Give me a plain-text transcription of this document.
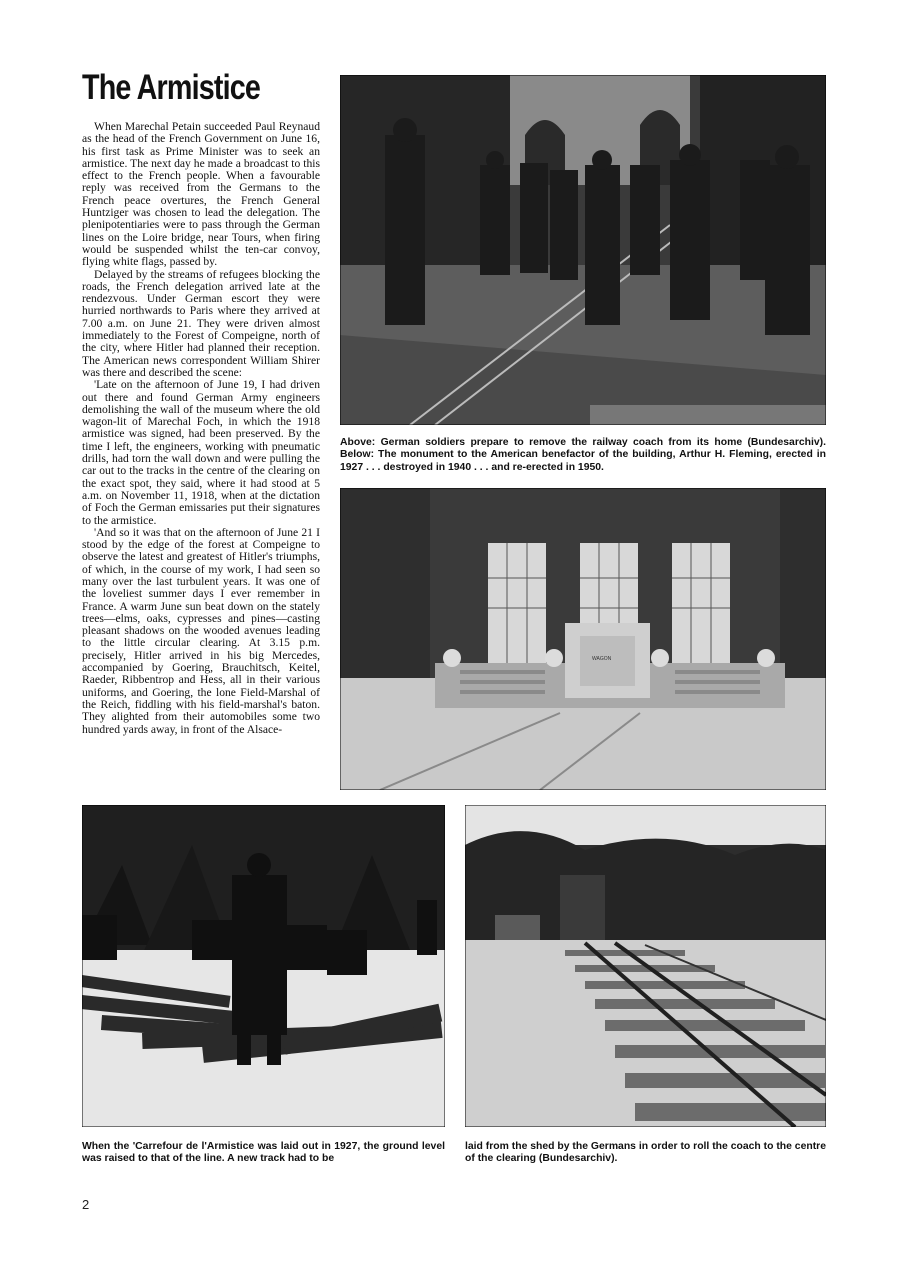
The Armistice

When Marechal Petain succeeded Paul Reynaud as the head of the French Government on June 16, his first task as Prime Minister was to seek an armistice. The next day he made a broadcast to this effect to the French people. When a favourable reply was received from the Germans to the French peace overtures, the French General Huntziger was chosen to lead the delegation. The plenipotentiaries were to pass through the German lines on the Loire bridge, near Tours, when firing would be suspended whilst the ten-car convoy, flying white flags, passed by.

Delayed by the streams of refugees blocking the roads, the French delegation arrived late at the rendezvous. Under German escort they were hurried northwards to Paris where they arrived at 7.00 a.m. on June 21. They were driven almost immediately to the Forest of Compeigne, north of the city, where Hitler had planned their reception. The American news correspondent William Shirer was there and described the scene:

'Late on the afternoon of June 19, I had driven out there and found German Army engineers demolishing the wall of the museum where the old wagon-lit of Marechal Foch, in which the 1918 armistice was signed, had been preserved. By the time I left, the engineers, working with pneumatic drills, had torn the wall down and were pulling the car out to the tracks in the centre of the clearing on the exact spot, they said, where it had stood at 5 a.m. on November 11, 1918, when at the dictation of Foch the German emissaries put their signatures to the armistice.

'And so it was that on the afternoon of June 21 I stood by the edge of the forest at Compeigne to observe the latest and greatest of Hitler's triumphs, of which, in the course of my work, I had seen so many over the last turbulent years. It was one of the loveliest summer days I ever remember in France. A warm June sun beat down on the stately trees—elms, oaks, cypresses and pines—casting pleasant shadows on the wooded avenues leading to the little circular clearing. At 3.15 p.m. precisely, Hitler arrived in his big Mercedes, accompanied by Goering, Brauchitsch, Keitel, Raeder, Ribbentrop and Hess, all in their various uniforms, and Goering, the lone Field-Marshal of the Reich, fiddling with his field-marshal's baton. They alighted from their automobiles some two hundred yards away, in front of the Alsace-

Above: German soldiers prepare to remove the railway coach from its home (Bundesarchiv). Below: The monument to the American benefactor of the building, Arthur H. Fleming, erected in 1927 . . . destroyed in 1940 . . . and re-erected in 1950.
WAGON
When the 'Carrefour de l'Armistice was laid out in 1927, the ground level was raised to that of the line. A new track had to be
laid from the shed by the Germans in order to roll the coach to the centre of the clearing (Bundesarchiv).
2
